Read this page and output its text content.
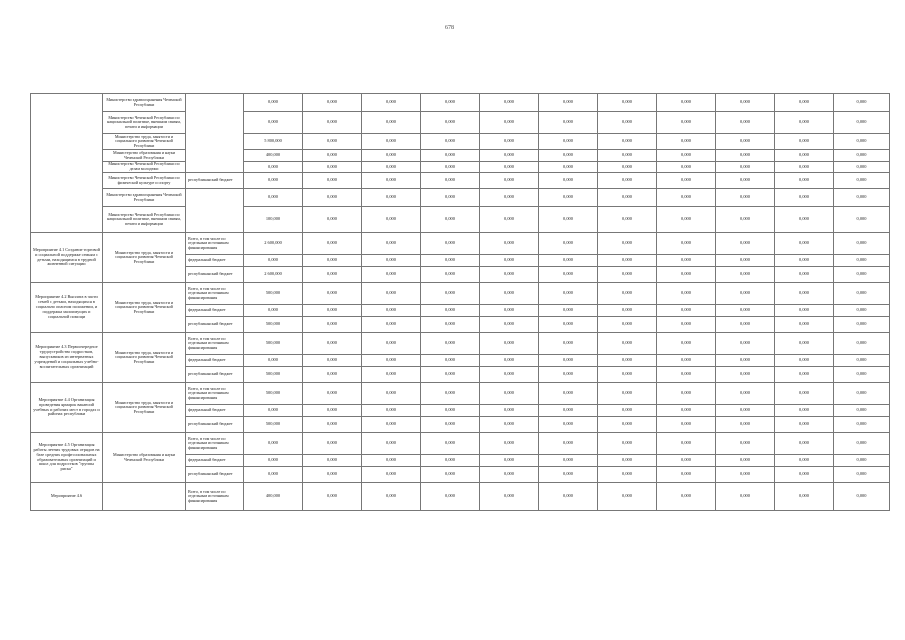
678
	Министерство здравоохранения Чеченской Республики		0,000	0,000	0,000	0,000	0,000	0,000	0,000	0,000	0,000	0,000	0,000
	Министерство Чеченской Республики по национальной политике, внешним связям, печати и информации		0,000	0,000	0,000	0,000	0,000	0,000	0,000	0,000	0,000	0,000	0,000
	Министерство труда, занятости и социального развития Чеченской Республики		5 800,000	0,000	0,000	0,000	0,000	0,000	0,000	0,000	0,000	0,000	0,000
	Министерство образования и науки Чеченской Республики		400,000	0,000	0,000	0,000	0,000	0,000	0,000	0,000	0,000	0,000	0,000
	Министерство Чеченской Республики по делам молодежи		0,000	0,000	0,000	0,000	0,000	0,000	0,000	0,000	0,000	0,000	0,000
	Министерство Чеченской Республики по физической культуре и спорту	республиканский бюджет	0,000	0,000	0,000	0,000	0,000	0,000	0,000	0,000	0,000	0,000	0,000
	Министерство здравоохранения Чеченской Республики		0,000	0,000	0,000	0,000	0,000	0,000	0,000	0,000	0,000	0,000	0,000
	Министерство Чеченской Республики по национальной политике, внешним связям, печати и информации		100,000	0,000	0,000	0,000	0,000	0,000	0,000	0,000	0,000	0,000	0,000
Мероприятие 4.1 Создание торговой и социальной поддержке семьям с детьми, находящимся в трудной жизненной ситуации	Министерство труда, занятости и социального развития Чеченской Республики	Всего, в том числе по отдельным источникам финансирования	2 600,000	0,000	0,000	0,000	0,000	0,000	0,000	0,000	0,000	0,000	0,000
		федеральный бюджет	0,000	0,000	0,000	0,000	0,000	0,000	0,000	0,000	0,000	0,000	0,000
		республиканский бюджет	2 600,000	0,000	0,000	0,000	0,000	0,000	0,000	0,000	0,000	0,000	0,000
Мероприятие 4.2 Выплата в части семей с детьми, находящихся в социально опасном положении, и поддержка малоимущих и социальной помощи	Министерство труда, занятости и социального развития Чеченской Республики	Всего, в том числе по отдельным источникам финансирования	500,000	0,000	0,000	0,000	0,000	0,000	0,000	0,000	0,000	0,000	0,000
		федеральный бюджет	0,000	0,000	0,000	0,000	0,000	0,000	0,000	0,000	0,000	0,000	0,000
		республиканский бюджет	500,000	0,000	0,000	0,000	0,000	0,000	0,000	0,000	0,000	0,000	0,000
Мероприятие 4.3 Первоочередное трудоустройство подростков, выпускников из интернатных учреждений и социальных учебно-воспитательных организаций	Министерство труда, занятости и социального развития Чеченской Республики	Всего, в том числе по отдельным источникам финансирования	500,000	0,000	0,000	0,000	0,000	0,000	0,000	0,000	0,000	0,000	0,000
		федеральный бюджет	0,000	0,000	0,000	0,000	0,000	0,000	0,000	0,000	0,000	0,000	0,000
		республиканский бюджет	500,000	0,000	0,000	0,000	0,000	0,000	0,000	0,000	0,000	0,000	0,000
Мероприятие 4.4 Организация проведения ярмарок вакансий учебных и рабочих мест в городах и районах республики	Министерство труда, занятости и социального развития Чеченской Республики	Всего, в том числе по отдельным источникам финансирования	500,000	0,000	0,000	0,000	0,000	0,000	0,000	0,000	0,000	0,000	0,000
		федеральный бюджет	0,000	0,000	0,000	0,000	0,000	0,000	0,000	0,000	0,000	0,000	0,000
		республиканский бюджет	500,000	0,000	0,000	0,000	0,000	0,000	0,000	0,000	0,000	0,000	0,000
Мероприятие 4.5 Организация работы летних трудовых отрядов на базе средних профессиональных образовательных организаций и школ для подростков "группы риска"	Министерство образования и науки Чеченской Республики	Всего, в том числе по отдельным источникам финансирования	0,000	0,000	0,000	0,000	0,000	0,000	0,000	0,000	0,000	0,000	0,000
		федеральный бюджет	0,000	0,000	0,000	0,000	0,000	0,000	0,000	0,000	0,000	0,000	0,000
		республиканский бюджет	0,000	0,000	0,000	0,000	0,000	0,000	0,000	0,000	0,000	0,000	0,000
Мероприятие 4.6		Всего, в том числе по отдельным источникам финансирования	400,000	0,000	0,000	0,000	0,000	0,000	0,000	0,000	0,000	0,000	0,000
